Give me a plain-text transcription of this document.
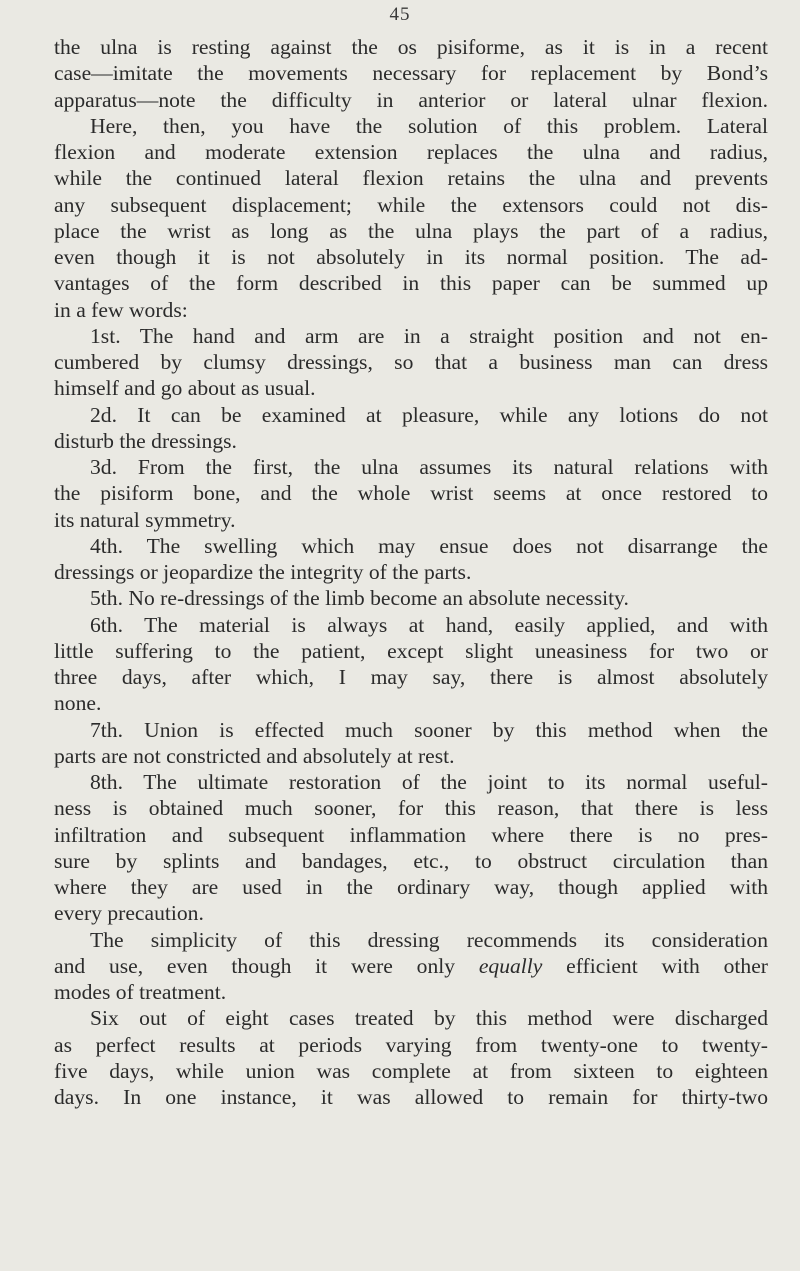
45
the ulna is resting against the os pisiforme, as it is in a recent
case—imitate the movements necessary for replacement by Bond’s
apparatus—note the difficulty in anterior or lateral ulnar flexion.
Here, then, you have the solution of this problem. Lateral
flexion and moderate extension replaces the ulna and radius,
while the continued lateral flexion retains the ulna and prevents
any subsequent displacement; while the extensors could not dis-
place the wrist as long as the ulna plays the part of a radius,
even though it is not absolutely in its normal position. The ad-
vantages of the form described in this paper can be summed up
in a few words:
1st. The hand and arm are in a straight position and not en-
cumbered by clumsy dressings, so that a business man can dress
himself and go about as usual.
2d. It can be examined at pleasure, while any lotions do not
disturb the dressings.
3d. From the first, the ulna assumes its natural relations with
the pisiform bone, and the whole wrist seems at once restored to
its natural symmetry.
4th. The swelling which may ensue does not disarrange the
dressings or jeopardize the integrity of the parts.
5th. No re-dressings of the limb become an absolute necessity.
6th. The material is always at hand, easily applied, and with
little suffering to the patient, except slight uneasiness for two or
three days, after which, I may say, there is almost absolutely
none.
7th. Union is effected much sooner by this method when the
parts are not constricted and absolutely at rest.
8th. The ultimate restoration of the joint to its normal useful-
ness is obtained much sooner, for this reason, that there is less
infiltration and subsequent inflammation where there is no pres-
sure by splints and bandages, etc., to obstruct circulation than
where they are used in the ordinary way, though applied with
every precaution.
The simplicity of this dressing recommends its consideration
and use, even though it were only equally efficient with other
modes of treatment.
Six out of eight cases treated by this method were discharged
as perfect results at periods varying from twenty-one to twenty-
five days, while union was complete at from sixteen to eighteen
days. In one instance, it was allowed to remain for thirty-two
